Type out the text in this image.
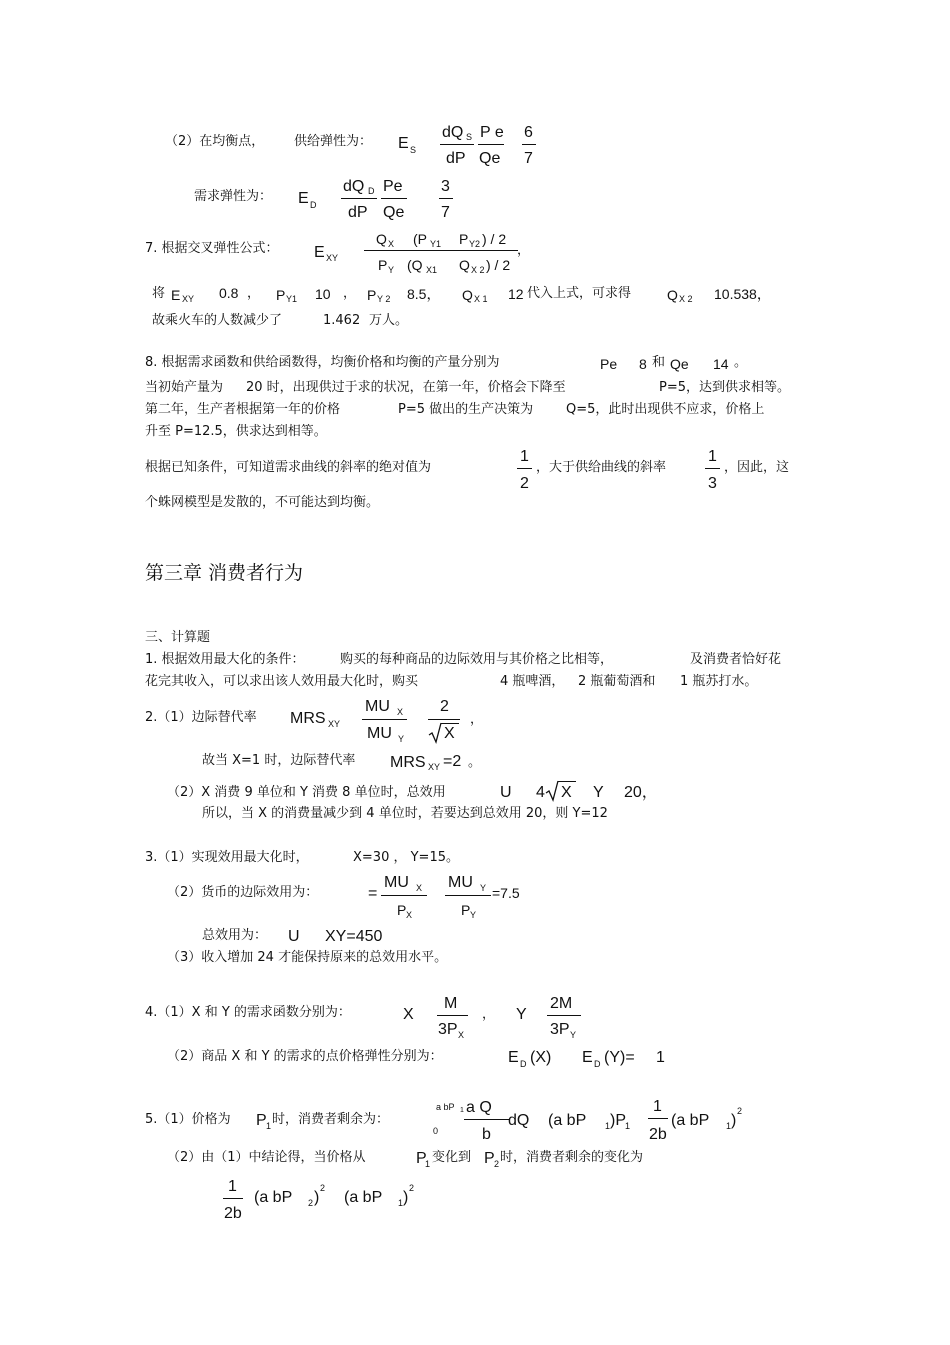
（2）在均衡点， 供给弹性为： E S
dQ S
dP
P e
Qe
6
7
需求弹性为： E D
dQ D
dP
Pe
Qe
3
7
7. 根据交叉弹性公式： E XY
Q X (P Y1 P Y2 ) / 2
P Y (Q X1 Q X 2 ) / 2
，
将 E XY 0.8 ， P Y1 10 ， P Y 2 8.5， Q X 1 12 代入上式，可求得	Q X 2 10.538，
故乘火车的人数减少了	1.462 万人。
8. 根据需求函数和供给函数得，均衡价格和均衡的产量分别为	Pe 8 和 Qe 14 。
当初始产量为 20 时，出现供过于求的状况，在第一年，价格会下降至	P=5，达到供求相等。
第二年，生产者根据第一年的价格	P=5 做出的生产决策为	Q=5，此时出现供不应求，价格上
升至 P=12.5，供求达到相等。
根据已知条件，可知道需求曲线的斜率的绝对值为
1
2
，大于供给曲线的斜率
1
3
，因此，这
个蛛网模型是发散的，不可能达到均衡。
第三章 消费者行为
三、计算题
1. 根据效用最大化的条件：	购买的每种商品的边际效用与其价格之比相等，	及消费者恰好花
花完其收入，可以求出该人效用最大化时，购买	4 瓶啤酒， 2 瓶葡萄酒和 1 瓶苏打水。
2.（1）边际替代率 MRS XY
MU X
MU Y
2
X
，
故当 X=1 时，边际替代率 MRS XY =2 。
（2）X 消费 9 单位和 Y 消费 8 单位时，总效用	U 4 X Y 20，
所以，当 X 的消费量减少到 4 单位时，若要达到总效用 20，则 Y=12
3.（1）实现效用最大化时，	X=30 ， Y=15。
（2）货币的边际效用为：	=
MU X
P X
MU Y
P Y
=7.5
总效用为： U XY=450
（3）收入增加 24 才能保持原来的总效用水平。
4.（1）X 和 Y 的需求函数分别为：	X
M
3P X
， Y
2M
3P Y
（2）商品 X 和 Y 的需求的点价格弹性分别为：	E D (X) E D (Y)= 1
5.（1）价格为 P 1 时，消费者剩余为：
a bP 1
0
a Q
b
dQ (a bP 1 )P 1
1
2b
(a bP 1 )
2
（2）由（1）中结论得，当价格从	P
1 变化到 P 2 时，消费者剩余的变化为
1
2b
(a bP 2 )
2
(a bP 1 )
2
